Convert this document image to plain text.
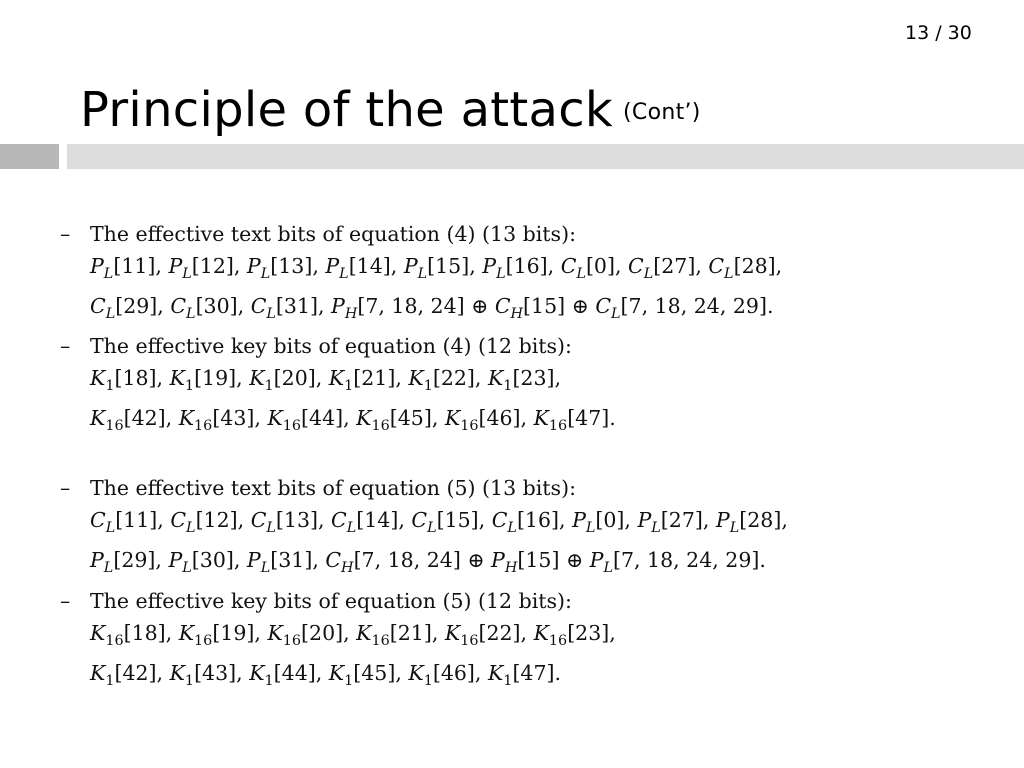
13 / 30
Principle of the attack (Cont’)
– The effective text bits of equation (4) (13 bits):
$P_L[11]$, $P_L[12]$, $P_L[13]$, $P_L[14]$, $P_L[15]$, $P_L[16]$, $C_L[0]$, $C_L[27]$, $C_L[28]$,
$C_L[29]$, $C_L[30]$, $C_L[31]$, $P_H[7$, 18, 24] ⊕ $C_H[15]$ ⊕ $C_L[7$, 18, 24, 29].
– The effective key bits of equation (4) (12 bits):
$K_1[18]$, $K_1[19]$, $K_1[20]$, $K_1[21]$, $K_1[22]$, $K_1[23]$,
$K_{16}[42]$, $K_{16}[43]$, $K_{16}[44]$, $K_{16}[45]$, $K_{16}[46]$, $K_{16}[47]$.
– The effective text bits of equation (5) (13 bits):
$C_L[11]$, $C_L[12]$, $C_L[13]$, $C_L[14]$, $C_L[15]$, $C_L[16]$, $P_L[0]$, $P_L[27]$, $P_L[28]$,
$P_L[29]$, $P_L[30]$, $P_L[31]$, $C_H[7$, 18, 24] ⊕ $P_H[15]$ ⊕ $P_L[7$, 18, 24, 29].
– The effective key bits of equation (5) (12 bits):
$K_{16}[18]$, $K_{16}[19]$, $K_{16}[20]$, $K_{16}[21]$, $K_{16}[22]$, $K_{16}[23]$,
$K_1[42]$, $K_1[43]$, $K_1[44]$, $K_1[45]$, $K_1[46]$, $K_1[47]$.
